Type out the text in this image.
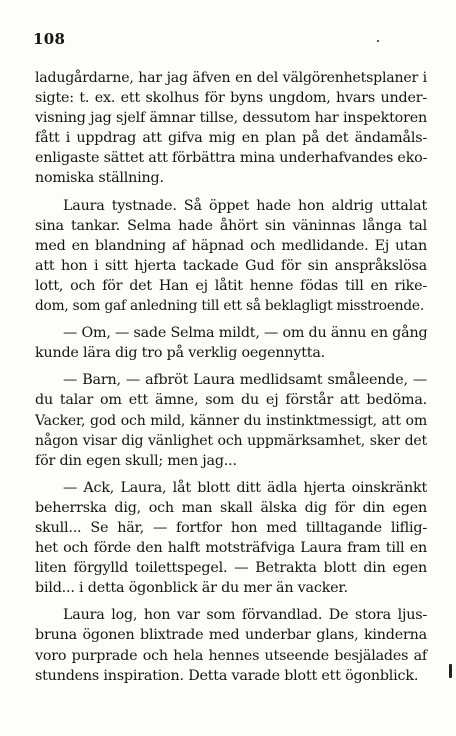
108
ladugårdarne, har jag äfven en del välgörenhetsplaner i
sigte: t. ex. ett skolhus för byns ungdom, hvars under-
visning jag sjelf ämnar tillse, dessutom har inspektoren
fått i uppdrag att gifva mig en plan på det ändamåls-
enligaste sättet att förbättra mina underhafvandes eko-
nomiska ställning.
Laura tystnade. Så öppet hade hon aldrig uttalat
sina tankar. Selma hade åhört sin väninnas långa tal
med en blandning af häpnad och medlidande. Ej utan
att hon i sitt hjerta tackade Gud för sin anspråkslösa
lott, och för det Han ej låtit henne födas till en rike-
dom, som gaf anledning till ett så beklagligt misstroende.
— Om, — sade Selma mildt, — om du ännu en gång
kunde lära dig tro på verklig oegennytta.
— Barn, — afbröt Laura medlidsamt småleende, —
du talar om ett ämne, som du ej förstår att bedöma.
Vacker, god och mild, känner du instinktmessigt, att om
någon visar dig vänlighet och uppmärksamhet, sker det
för din egen skull; men jag...
— Ack, Laura, låt blott ditt ädla hjerta oinskränkt
beherrska dig, och man skall älska dig för din egen
skull... Se här, — fortfor hon med tilltagande liflig-
het och förde den halft motsträfviga Laura fram till en
liten förgylld toilettspegel. — Betrakta blott din egen
bild... i detta ögonblick är du mer än vacker.
Laura log, hon var som förvandlad. De stora ljus-
bruna ögonen blixtrade med underbar glans, kinderna
voro purprade och hela hennes utseende besjälades af
stundens inspiration. Detta varade blott ett ögonblick.
